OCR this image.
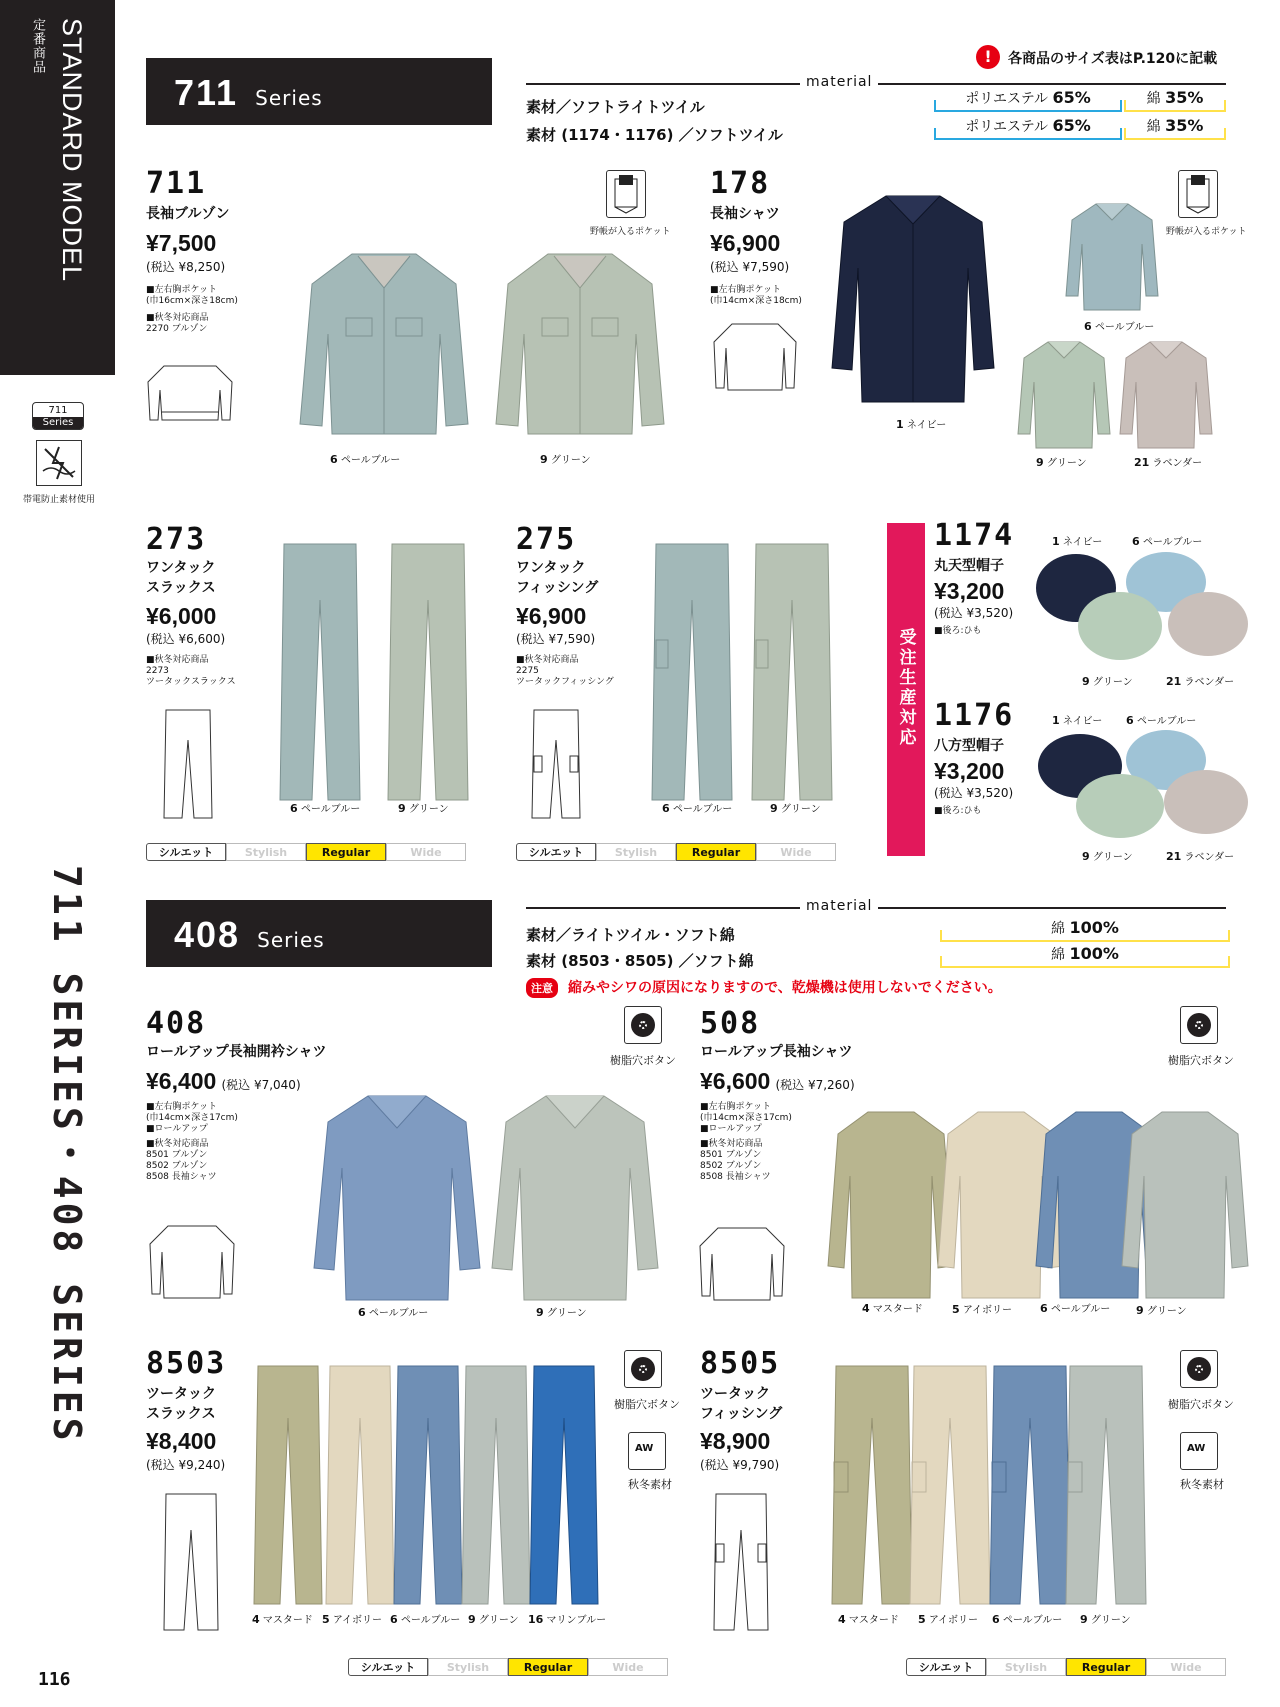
STANDARD MODEL
定番商品
711
Series
帯電防止素材使用
711 SERIES・408 SERIES
116
!	各商品のサイズ表はP.120に記載
711 Series
material
素材／ソフトライトツイル
素材 (1174・1176) ／ソフトツイル
ポリエステル 65%	綿 35%
ポリエステル 65%	綿 35%
711
長袖ブルゾン
¥7,500
(税込 ¥8,250)
■左右胸ポケット
(巾16cm×深さ18cm)
■秋冬対応商品
2270 ブルゾン
野帳が入るポケット
6 ペールブルー	9 グリーン
178
長袖シャツ
¥6,900
(税込 ¥7,590)
■左右胸ポケット
(巾14cm×深さ18cm)
1 ネイビー
6 ペールブルー
野帳が入るポケット
9 グリーン	21 ラベンダー
273
ワンタック
スラックス
¥6,000
(税込 ¥6,600)
■秋冬対応商品
2273
ツータックスラックス
6 ペールブルー	9 グリーン
シルエット	Stylish	Regular	Wide
275
ワンタック
フィッシング
¥6,900
(税込 ¥7,590)
■秋冬対応商品
2275
ツータックフィッシング
6 ペールブルー	9 グリーン
シルエット	Stylish	Regular	Wide
受注生産対応
1174
丸天型帽子
¥3,200
(税込 ¥3,520)
■後ろ:ひも
1 ネイビー	6 ペールブルー
9 グリーン	21 ラベンダー
1176
八方型帽子
¥3,200
(税込 ¥3,520)
■後ろ:ひも
1 ネイビー 6 ペールブルー
9 グリーン	21 ラベンダー
408 Series
material
素材／ライトツイル・ソフト綿
素材 (8503・8505) ／ソフト綿
綿 100%
綿 100%
注意	縮みやシワの原因になりますので、乾燥機は使用しないでください。
408
ロールアップ長袖開衿シャツ
¥6,400 (税込 ¥7,040)
■左右胸ポケット
(巾14cm×深さ17cm)
■ロールアップ
■秋冬対応商品
8501 ブルゾン
8502 ブルゾン
8508 長袖シャツ
樹脂穴ボタン
6 ペールブルー	9 グリーン
508
ロールアップ長袖シャツ
¥6,600 (税込 ¥7,260)
■左右胸ポケット
(巾14cm×深さ17cm)
■ロールアップ
■秋冬対応商品
8501 ブルゾン
8502 ブルゾン
8508 長袖シャツ
樹脂穴ボタン
4 マスタード	5 アイボリー	6 ペールブルー 9 グリーン
8503
ツータック
スラックス
¥8,400
(税込 ¥9,240)
樹脂穴ボタン
AW
秋冬素材
4 マスタード 5 アイボリー 6 ペールブルー 9 グリーン 16 マリンブルー
シルエット	Stylish	Regular	Wide
8505
ツータック
フィッシング
¥8,900
(税込 ¥9,790)
樹脂穴ボタン
AW
秋冬素材
4 マスタード 5 アイボリー 6 ペールブルー 9 グリーン
シルエット	Stylish	Regular	Wide
